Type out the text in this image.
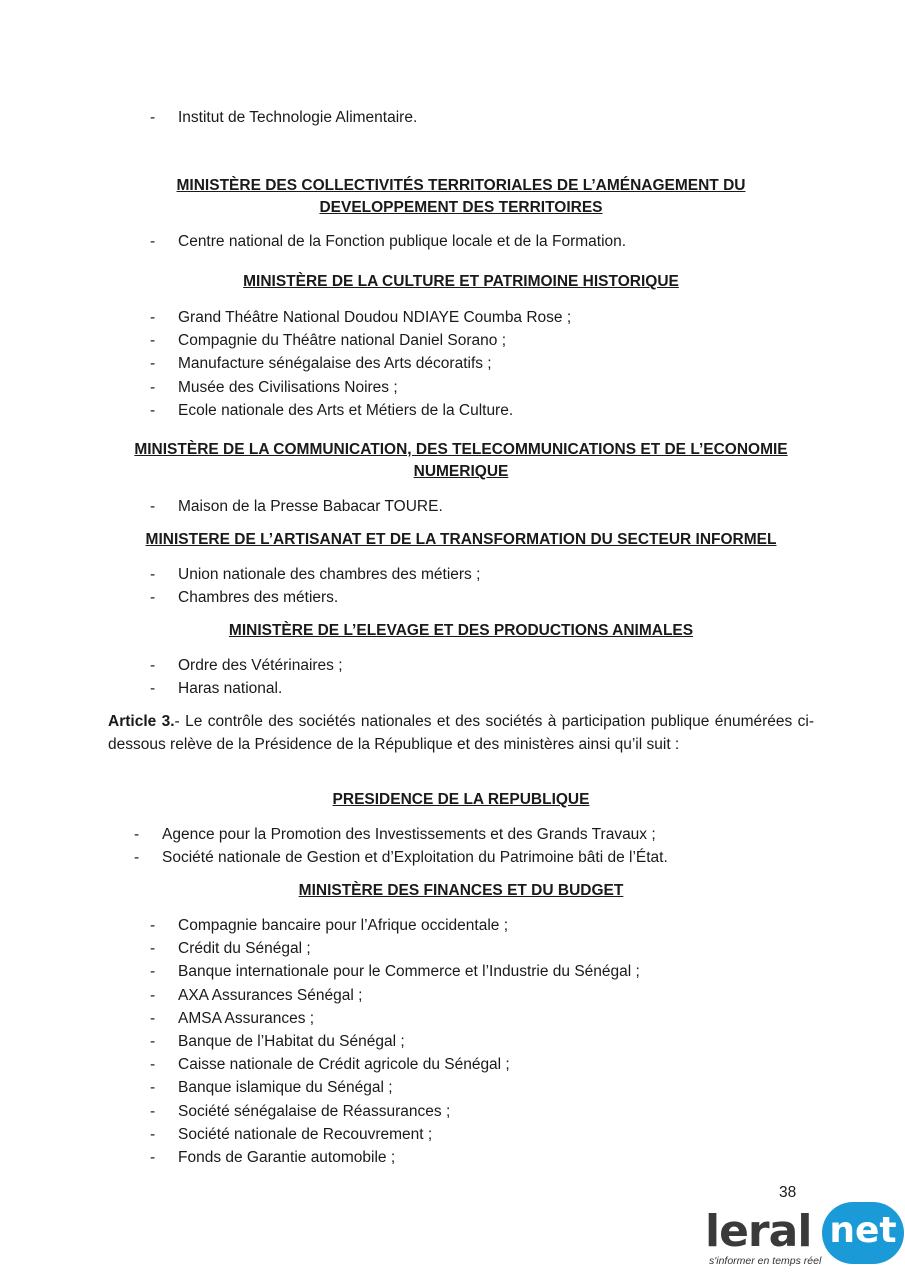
- Institut de Technologie Alimentaire.
MINISTÈRE DES COLLECTIVITÉS TERRITORIALES DE L’AMÉNAGEMENT DU DEVELOPPEMENT DES TERRITOIRES
- Centre national de la Fonction publique locale et de la Formation.
MINISTÈRE DE LA CULTURE ET PATRIMOINE HISTORIQUE
- Grand Théâtre National Doudou NDIAYE Coumba Rose ;
- Compagnie du Théâtre national Daniel Sorano ;
- Manufacture sénégalaise des Arts décoratifs ;
- Musée des Civilisations Noires ;
- Ecole nationale des Arts et Métiers de la Culture.
MINISTÈRE DE LA COMMUNICATION, DES TELECOMMUNICATIONS ET DE L’ECONOMIE NUMERIQUE
- Maison de la Presse Babacar TOURE.
MINISTERE DE L’ARTISANAT ET DE LA TRANSFORMATION DU SECTEUR INFORMEL
- Union nationale des chambres des métiers ;
- Chambres des métiers.
MINISTÈRE DE L’ELEVAGE ET DES PRODUCTIONS ANIMALES
- Ordre des Vétérinaires ;
- Haras national.
Article 3.- Le contrôle des sociétés nationales et des sociétés à participation publique énumérées ci-dessous relève de la Présidence de la République et des ministères ainsi qu’il suit :
PRESIDENCE DE LA REPUBLIQUE
- Agence pour la Promotion des Investissements et des Grands Travaux ;
- Société nationale de Gestion et d’Exploitation du Patrimoine bâti de l’État.
MINISTÈRE DES FINANCES ET DU BUDGET
- Compagnie bancaire pour l’Afrique occidentale ;
- Crédit du Sénégal ;
- Banque internationale pour le Commerce et l’Industrie du Sénégal ;
- AXA Assurances Sénégal ;
- AMSA Assurances ;
- Banque de l’Habitat du Sénégal ;
- Caisse nationale de Crédit agricole du Sénégal ;
- Banque islamique du Sénégal ;
- Société sénégalaise de Réassurances ;
- Société nationale de Recouvrement ;
- Fonds de Garantie automobile ;
38
leral net
s'informer en temps réel
